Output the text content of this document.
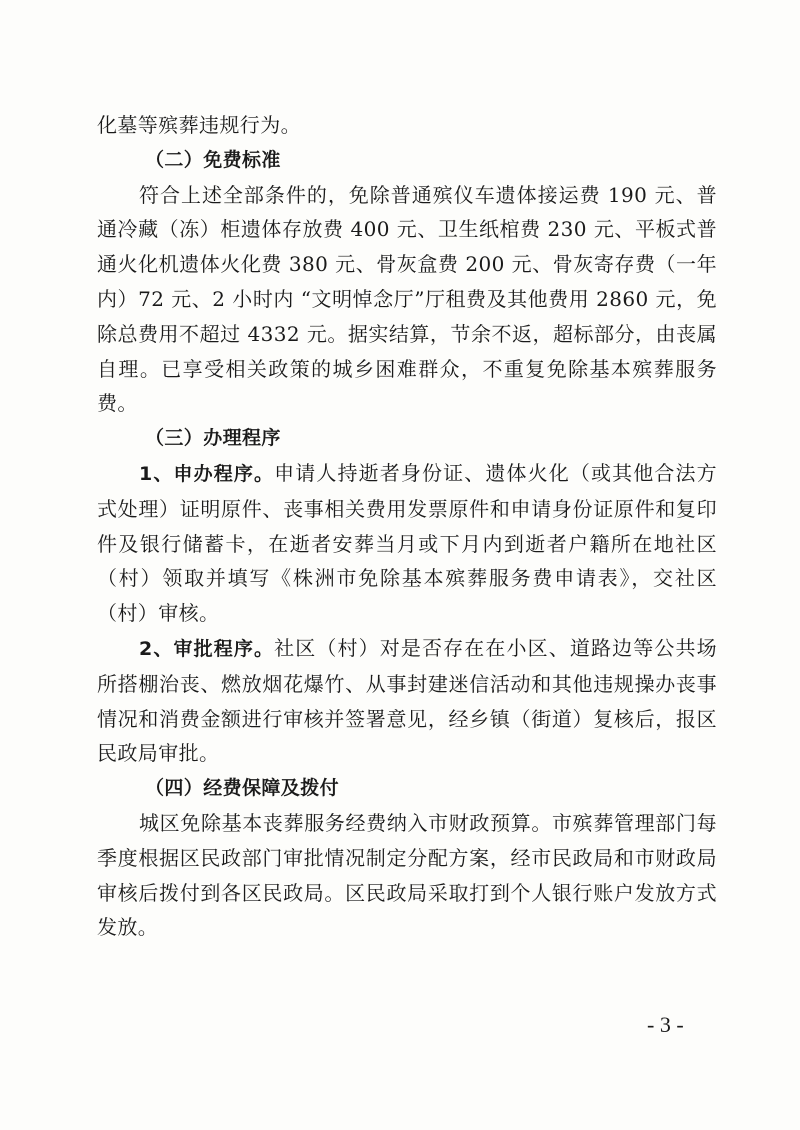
化墓等殡葬违规行为。

（二）免费标准

符合上述全部条件的，免除普通殡仪车遗体接运费 190 元、普通冷藏（冻）柜遗体存放费 400 元、卫生纸棺费 230 元、平板式普通火化机遗体火化费 380 元、骨灰盒费 200 元、骨灰寄存费（一年内）72 元、2 小时内 “文明悼念厅”厅租费及其他费用 2860 元，免除总费用不超过 4332 元。据实结算，节余不返，超标部分，由丧属自理。已享受相关政策的城乡困难群众，不重复免除基本殡葬服务费。

（三）办理程序

1、申办程序。申请人持逝者身份证、遗体火化（或其他合法方式处理）证明原件、丧事相关费用发票原件和申请身份证原件和复印件及银行储蓄卡，在逝者安葬当月或下月内到逝者户籍所在地社区（村）领取并填写《株洲市免除基本殡葬服务费申请表》，交社区（村）审核。

2、审批程序。社区（村）对是否存在在小区、道路边等公共场所搭棚治丧、燃放烟花爆竹、从事封建迷信活动和其他违规操办丧事情况和消费金额进行审核并签署意见，经乡镇（街道）复核后，报区民政局审批。

（四）经费保障及拨付

城区免除基本丧葬服务经费纳入市财政预算。市殡葬管理部门每季度根据区民政部门审批情况制定分配方案，经市民政局和市财政局审核后拨付到各区民政局。区民政局采取打到个人银行账户发放方式发放。

- 3 -
